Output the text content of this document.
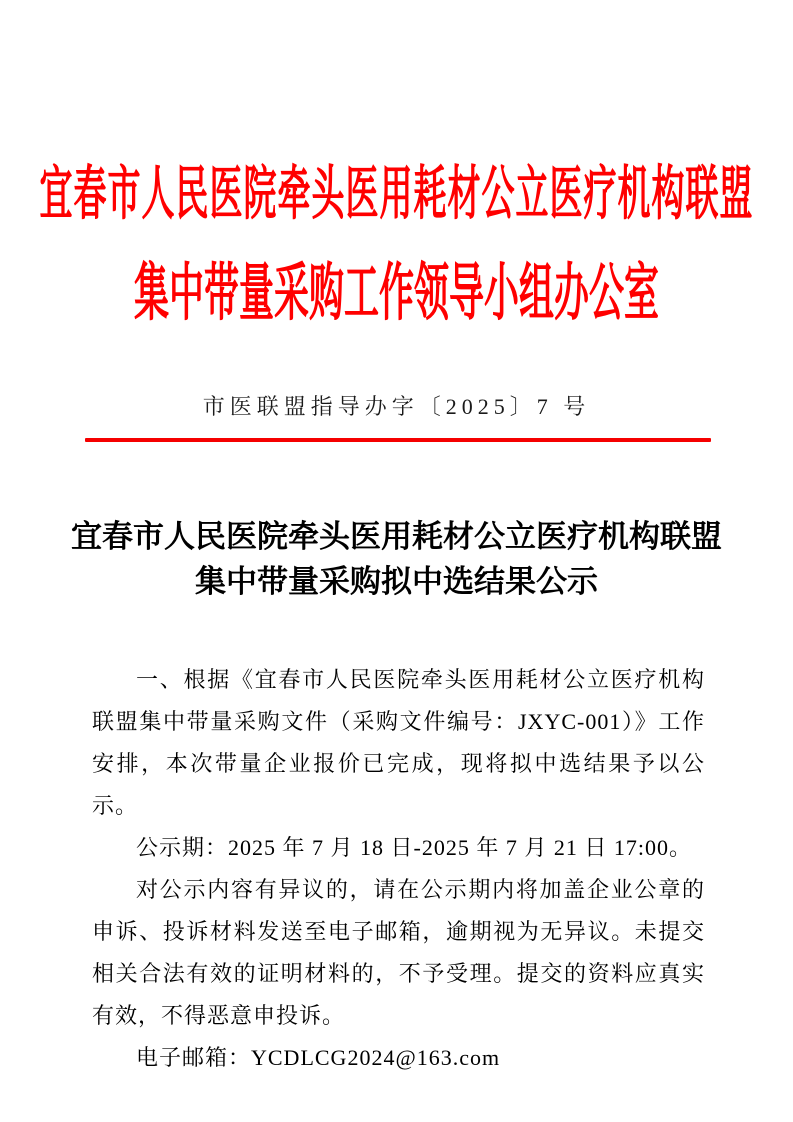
宜春市人民医院牵头医用耗材公立医疗机构联盟
集中带量采购工作领导小组办公室
市医联盟指导办字〔2025〕7 号
宜春市人民医院牵头医用耗材公立医疗机构联盟
集中带量采购拟中选结果公示

一、根据《宜春市人民医院牵头医用耗材公立医疗机构联盟集中带量采购文件（采购文件编号：JXYC-001）》工作安排，本次带量企业报价已完成，现将拟中选结果予以公示。

公示期：2025 年 7 月 18 日-2025 年 7 月 21 日 17:00。

对公示内容有异议的，请在公示期内将加盖企业公章的申诉、投诉材料发送至电子邮箱，逾期视为无异议。未提交相关合法有效的证明材料的，不予受理。提交的资料应真实有效，不得恶意申投诉。

电子邮箱：YCDLCG2024@163.com
